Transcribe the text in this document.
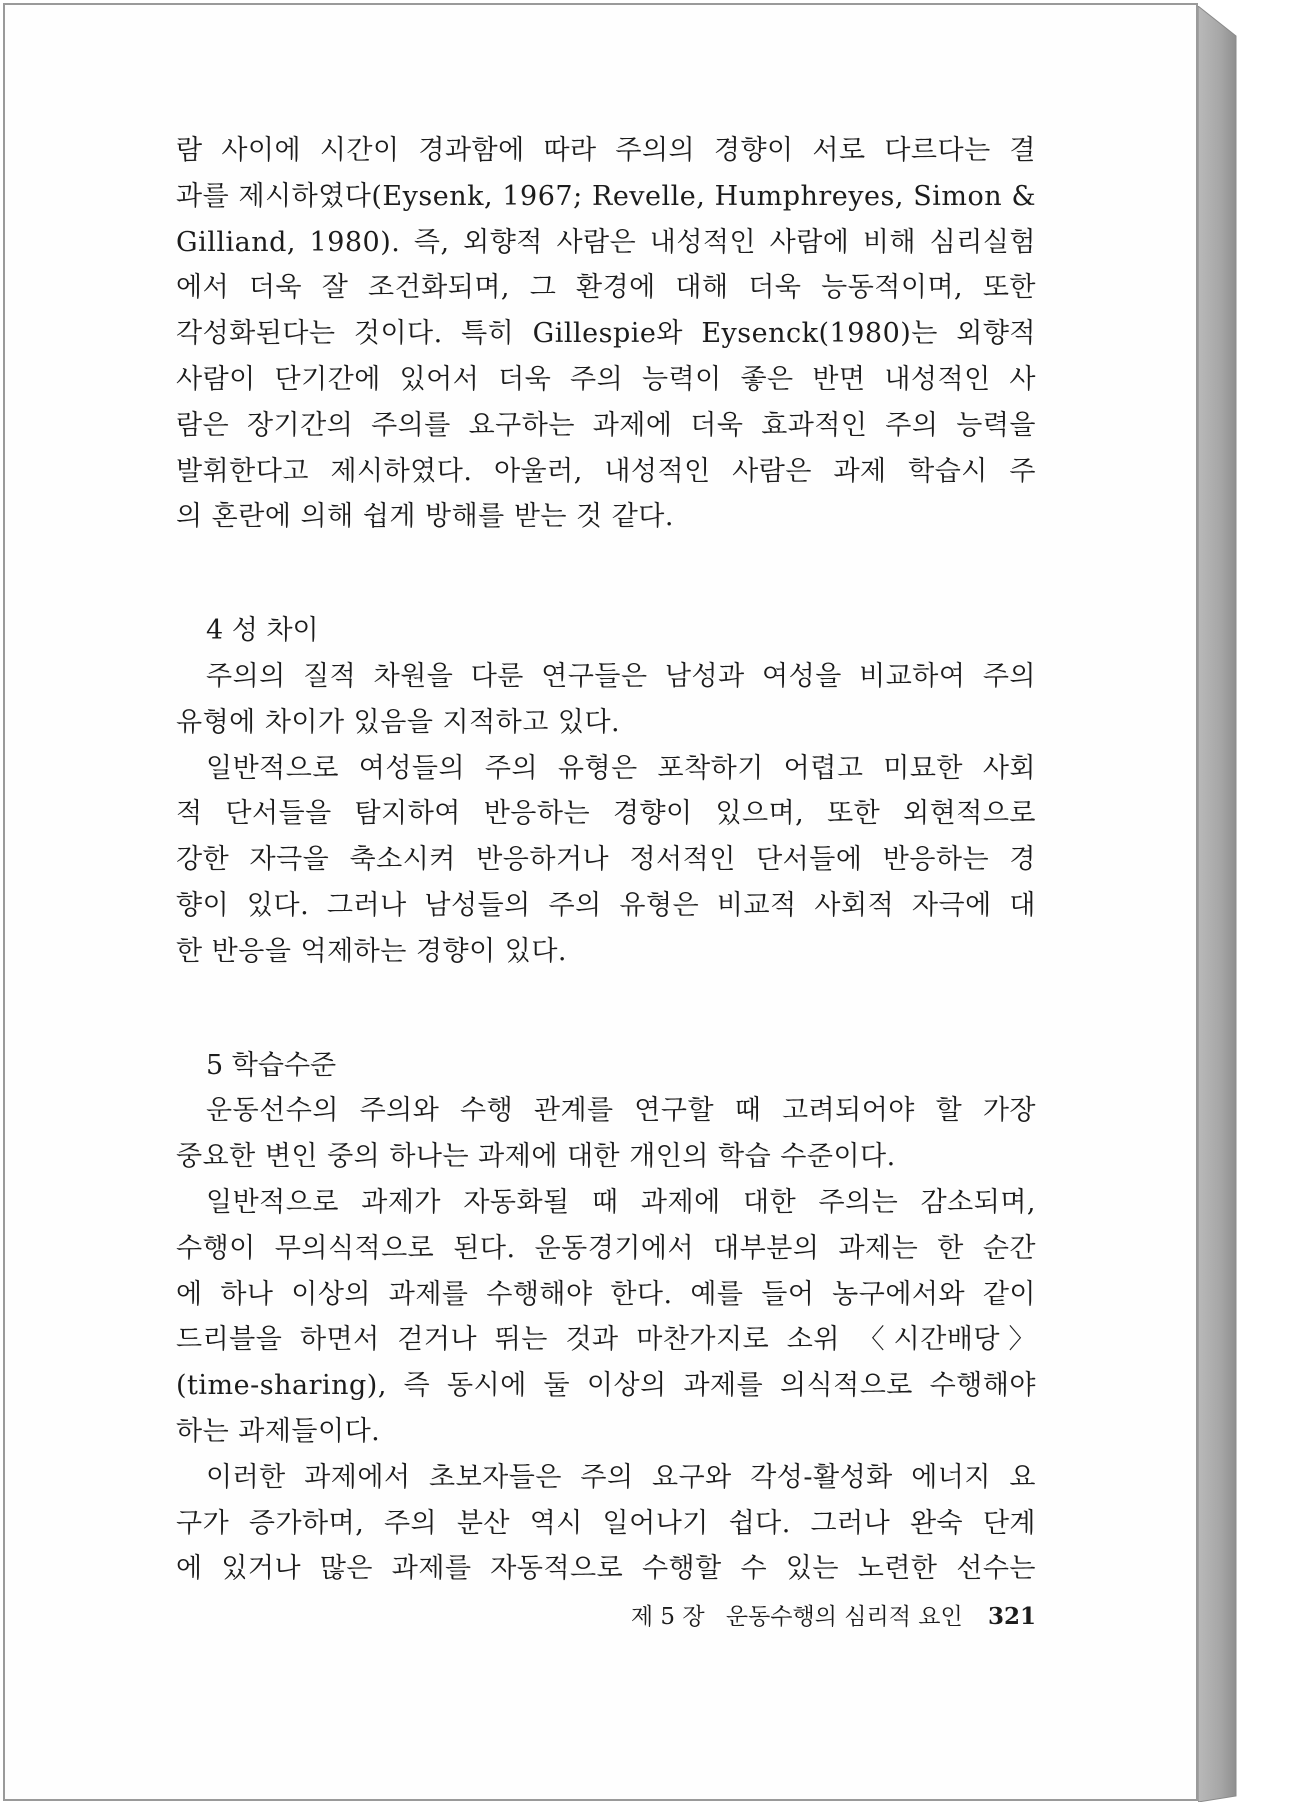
람 사이에 시간이 경과함에 따라 주의의 경향이 서로 다르다는 결
과를 제시하였다(Eysenk, 1967; Revelle, Humphreyes, Simon &
Gilliand, 1980). 즉, 외향적 사람은 내성적인 사람에 비해 심리실험
에서 더욱 잘 조건화되며, 그 환경에 대해 더욱 능동적이며, 또한
각성화된다는 것이다. 특히 Gillespie와 Eysenck(1980)는 외향적
사람이 단기간에 있어서 더욱 주의 능력이 좋은 반면 내성적인 사
람은 장기간의 주의를 요구하는 과제에 더욱 효과적인 주의 능력을
발휘한다고 제시하였다. 아울러, 내성적인 사람은 과제 학습시 주
의 혼란에 의해 쉽게 방해를 받는 것 같다.
4 성 차이
주의의 질적 차원을 다룬 연구들은 남성과 여성을 비교하여 주의
유형에 차이가 있음을 지적하고 있다.
일반적으로 여성들의 주의 유형은 포착하기 어렵고 미묘한 사회
적 단서들을 탐지하여 반응하는 경향이 있으며, 또한 외현적으로
강한 자극을 축소시켜 반응하거나 정서적인 단서들에 반응하는 경
향이 있다. 그러나 남성들의 주의 유형은 비교적 사회적 자극에 대
한 반응을 억제하는 경향이 있다.
5 학습수준
운동선수의 주의와 수행 관계를 연구할 때 고려되어야 할 가장
중요한 변인 중의 하나는 과제에 대한 개인의 학습 수준이다.
일반적으로 과제가 자동화될 때 과제에 대한 주의는 감소되며,
수행이 무의식적으로 된다. 운동경기에서 대부분의 과제는 한 순간
에 하나 이상의 과제를 수행해야 한다. 예를 들어 농구에서와 같이
드리블을 하면서 걷거나 뛰는 것과 마찬가지로 소위 〈시간배당〉
(time-sharing), 즉 동시에 둘 이상의 과제를 의식적으로 수행해야
하는 과제들이다.
이러한 과제에서 초보자들은 주의 요구와 각성-활성화 에너지 요
구가 증가하며, 주의 분산 역시 일어나기 쉽다. 그러나 완숙 단계
에 있거나 많은 과제를 자동적으로 수행할 수 있는 노련한 선수는
제 5 장 운동수행의 심리적 요인 321
